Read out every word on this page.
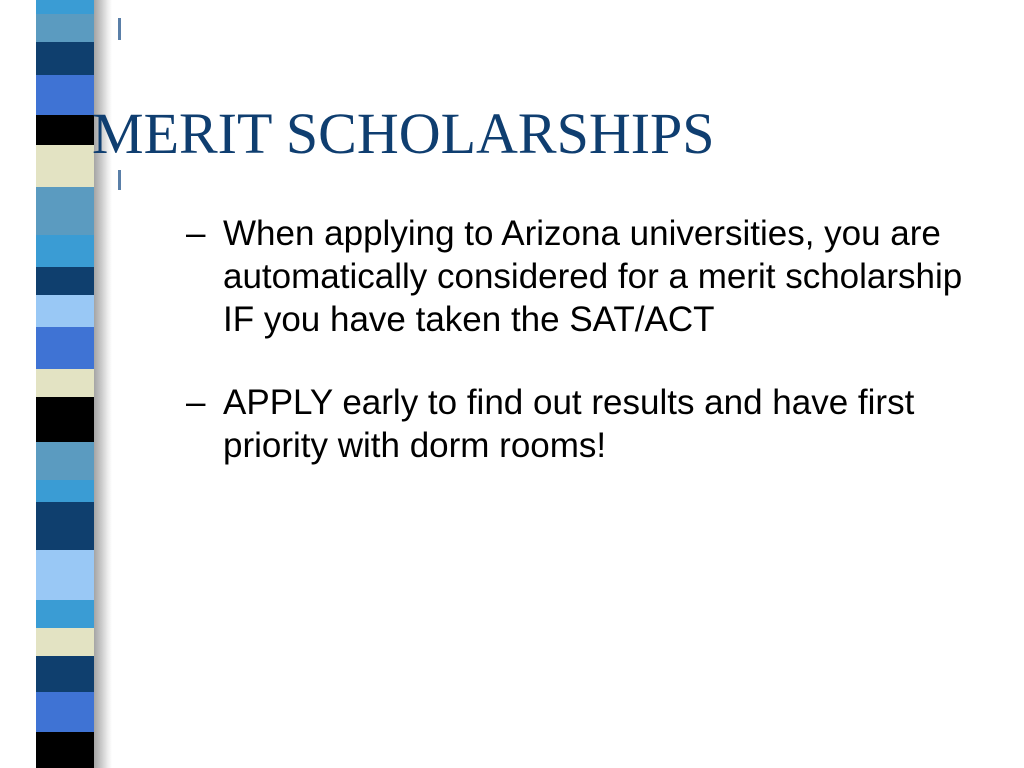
MERIT SCHOLARSHIPS
– When applying to Arizona universities, you are automatically considered for a merit scholarship IF you have taken the SAT/ACT
– APPLY early to find out results and have first priority with dorm rooms!
